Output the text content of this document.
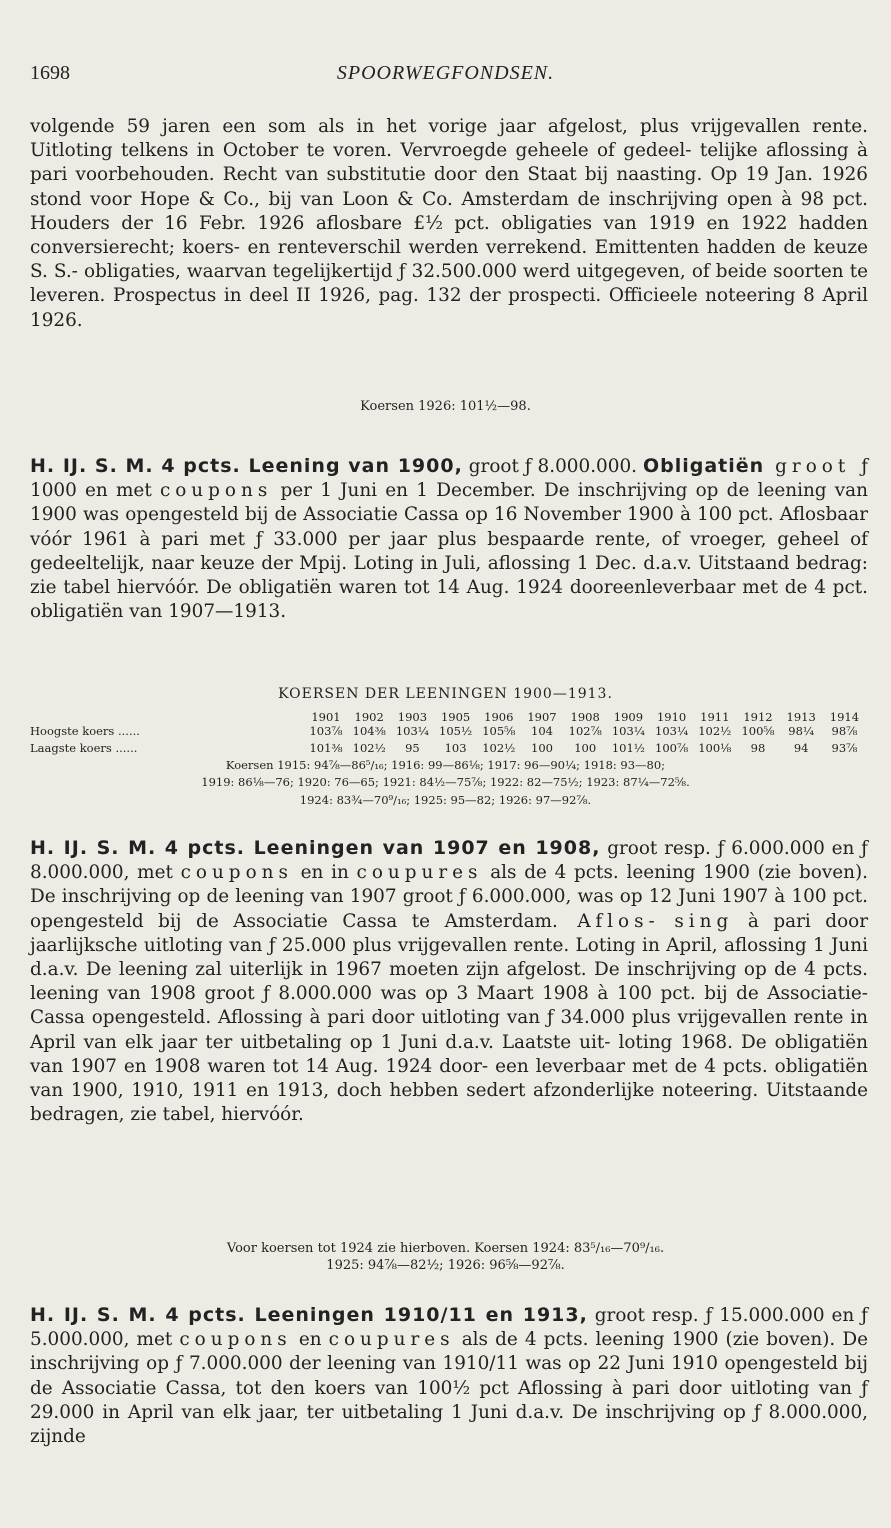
1698	SPOORWEGFONDSEN.
volgende 59 jaren een som als in het vorige jaar afgelost, plus vrijgevallen rente. Uitloting telkens in October te voren. Vervroegde geheele of gedeel- telijke aflossing à pari voorbehouden. Recht van substitutie door den Staat bij naasting. Op 19 Jan. 1926 stond voor Hope & Co., bij van Loon & Co. Amsterdam de inschrijving open à 98 pct. Houders der 16 Febr. 1926 aflosbare £½ pct. obligaties van 1919 en 1922 hadden conversierecht; koers- en renteverschil werden verrekend. Emittenten hadden de keuze S. S.- obligaties, waarvan tegelijkertijd ƒ 32.500.000 werd uitgegeven, of beide soorten te leveren. Prospectus in deel II 1926, pag. 132 der prospecti. Officieele noteering 8 April 1926.
Koersen 1926: 101½—98.
H. IJ. S. M. 4 pcts. Leening van 1900, groot ƒ 8.000.000. Obligatiën groot ƒ 1000 en met coupons per 1 Juni en 1 December. De inschrijving op de leening van 1900 was opengesteld bij de Associatie Cassa op 16 November 1900 à 100 pct. Aflosbaar vóór 1961 à pari met ƒ 33.000 per jaar plus bespaarde rente, of vroeger, geheel of gedeeltelijk, naar keuze der Mpij. Loting in Juli, aflossing 1 Dec. d.a.v. Uitstaand bedrag: zie tabel hiervóór. De obligatiën waren tot 14 Aug. 1924 dooreenleverbaar met de 4 pct. obligatiën van 1907—1913.
KOERSEN DER LEENINGEN 1900—1913.
1901	1902	1903	1905	1906	1907	1908	1909	1910	1911	1912	1913	1914
Hoogste koers ......	103⅞ 104⅜ 103¼ 105½ 105⅝	104	102⅞ 103¼ 103¼ 102½ 100⅝	98¼	98⅞
Laagste koers ......	101⅜ 102½	95	103	102½	100	100	101½ 100⅞ 100⅛	98	94	93⅞
Koersen 1915: 94⅞—86⁵/₁₆; 1916: 99—86⅛; 1917: 96—90¼; 1918: 93—80;
1919: 86⅛—76; 1920: 76—65; 1921: 84½—75⅞; 1922: 82—75½; 1923: 87¼—72⅝.
1924: 83¾—70⁹/₁₆; 1925: 95—82; 1926: 97—92⅞.
H. IJ. S. M. 4 pcts. Leeningen van 1907 en 1908, groot resp. ƒ 6.000.000 en ƒ 8.000.000, met coupons en in coupures als de 4 pcts. leening 1900 (zie boven). De inschrijving op de leening van 1907 groot ƒ 6.000.000, was op 12 Juni 1907 à 100 pct. opengesteld bij de Associatie Cassa te Amsterdam. Aflos- sing à pari door jaarlijksche uitloting van ƒ 25.000 plus vrijgevallen rente. Loting in April, aflossing 1 Juni d.a.v. De leening zal uiterlijk in 1967 moeten zijn afgelost. De inschrijving op de 4 pcts. leening van 1908 groot ƒ 8.000.000 was op 3 Maart 1908 à 100 pct. bij de Associatie-Cassa opengesteld. Aflossing à pari door uitloting van ƒ 34.000 plus vrijgevallen rente in April van elk jaar ter uitbetaling op 1 Juni d.a.v. Laatste uit- loting 1968. De obligatiën van 1907 en 1908 waren tot 14 Aug. 1924 door- een leverbaar met de 4 pcts. obligatiën van 1900, 1910, 1911 en 1913, doch hebben sedert afzonderlijke noteering. Uitstaande bedragen, zie tabel, hiervóór.
Voor koersen tot 1924 zie hierboven. Koersen 1924: 83⁵/₁₆—70⁹/₁₆.
1925: 94⅞—82½; 1926: 96⅝—92⅞.
H. IJ. S. M. 4 pcts. Leeningen 1910/11 en 1913, groot resp. ƒ 15.000.000 en ƒ 5.000.000, met coupons en coupures als de 4 pcts. leening 1900 (zie boven). De inschrijving op ƒ 7.000.000 der leening van 1910/11 was op 22 Juni 1910 opengesteld bij de Associatie Cassa, tot den koers van 100½ pct Aflossing à pari door uitloting van ƒ 29.000 in April van elk jaar, ter uitbetaling 1 Juni d.a.v. De inschrijving op ƒ 8.000.000, zijnde
